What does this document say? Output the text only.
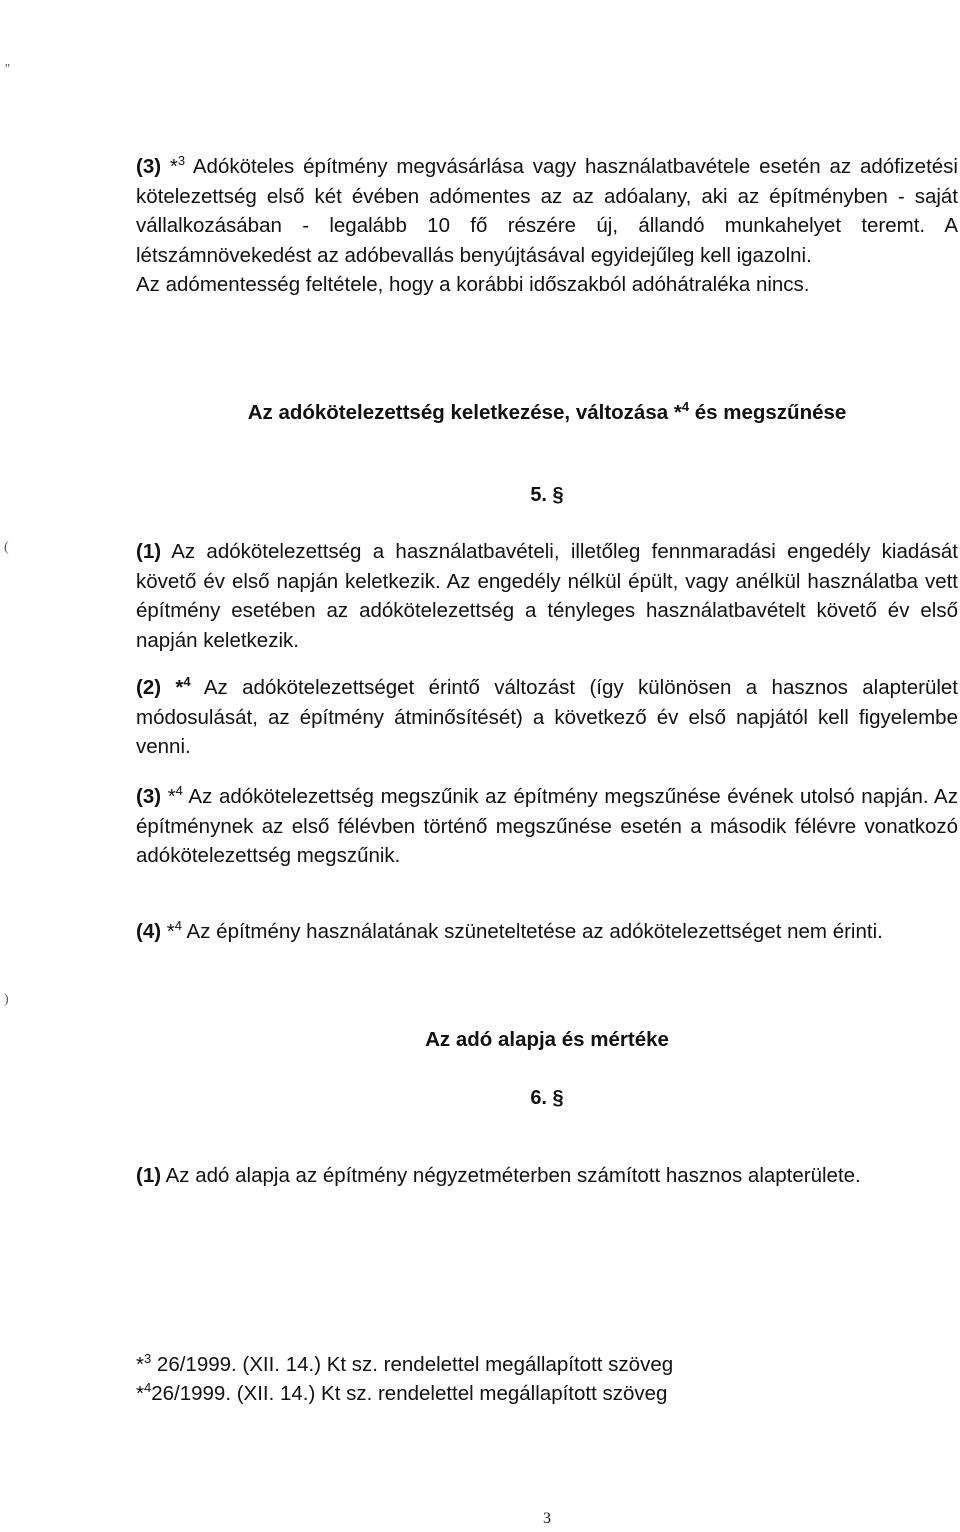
''
(
)

(3) *$^3$ Adóköteles építmény megvásárlása vagy használatbavétele esetén az adófizetési kötelezettség első két évében adómentes az az adóalany, aki az építményben - saját vállalkozásában - legalább 10 fő részére új, állandó munkahelyet teremt. A létszámnövekedést az adóbevallás benyújtásával egyidejűleg kell igazolni.
Az adómentesség feltétele, hogy a korábbi időszakból adóhátraléka nincs.

Az adókötelezettség keletkezése, változása *$^4$ és megszűnése

5. §

(1) Az adókötelezettség a használatbavételi, illetőleg fennmaradási engedély kiadását követő év első napján keletkezik. Az engedély nélkül épült, vagy anélkül használatba vett építmény esetében az adókötelezettség a tényleges használatbavételt követő év első napján keletkezik.

(2) *$^4$ Az adókötelezettséget érintő változást (így különösen a hasznos alapterület módosulását, az építmény átminősítését) a következő év első napjától kell figyelembe venni.

(3) *$^4$ Az adókötelezettség megszűnik az építmény megszűnése évének utolsó napján. Az építménynek az első félévben történő megszűnése esetén a második félévre vonatkozó adókötelezettség megszűnik.

(4) *$^4$ Az építmény használatának szüneteltetése az adókötelezettséget nem érinti.

Az adó alapja és mértéke

6. §

(1) Az adó alapja az építmény négyzetméterben számított hasznos alapterülete.

*$^3$ 26/1999. (XII. 14.) Kt sz. rendelettel megállapított szöveg

*$^4$26/1999. (XII. 14.) Kt sz. rendelettel megállapított szöveg

3
